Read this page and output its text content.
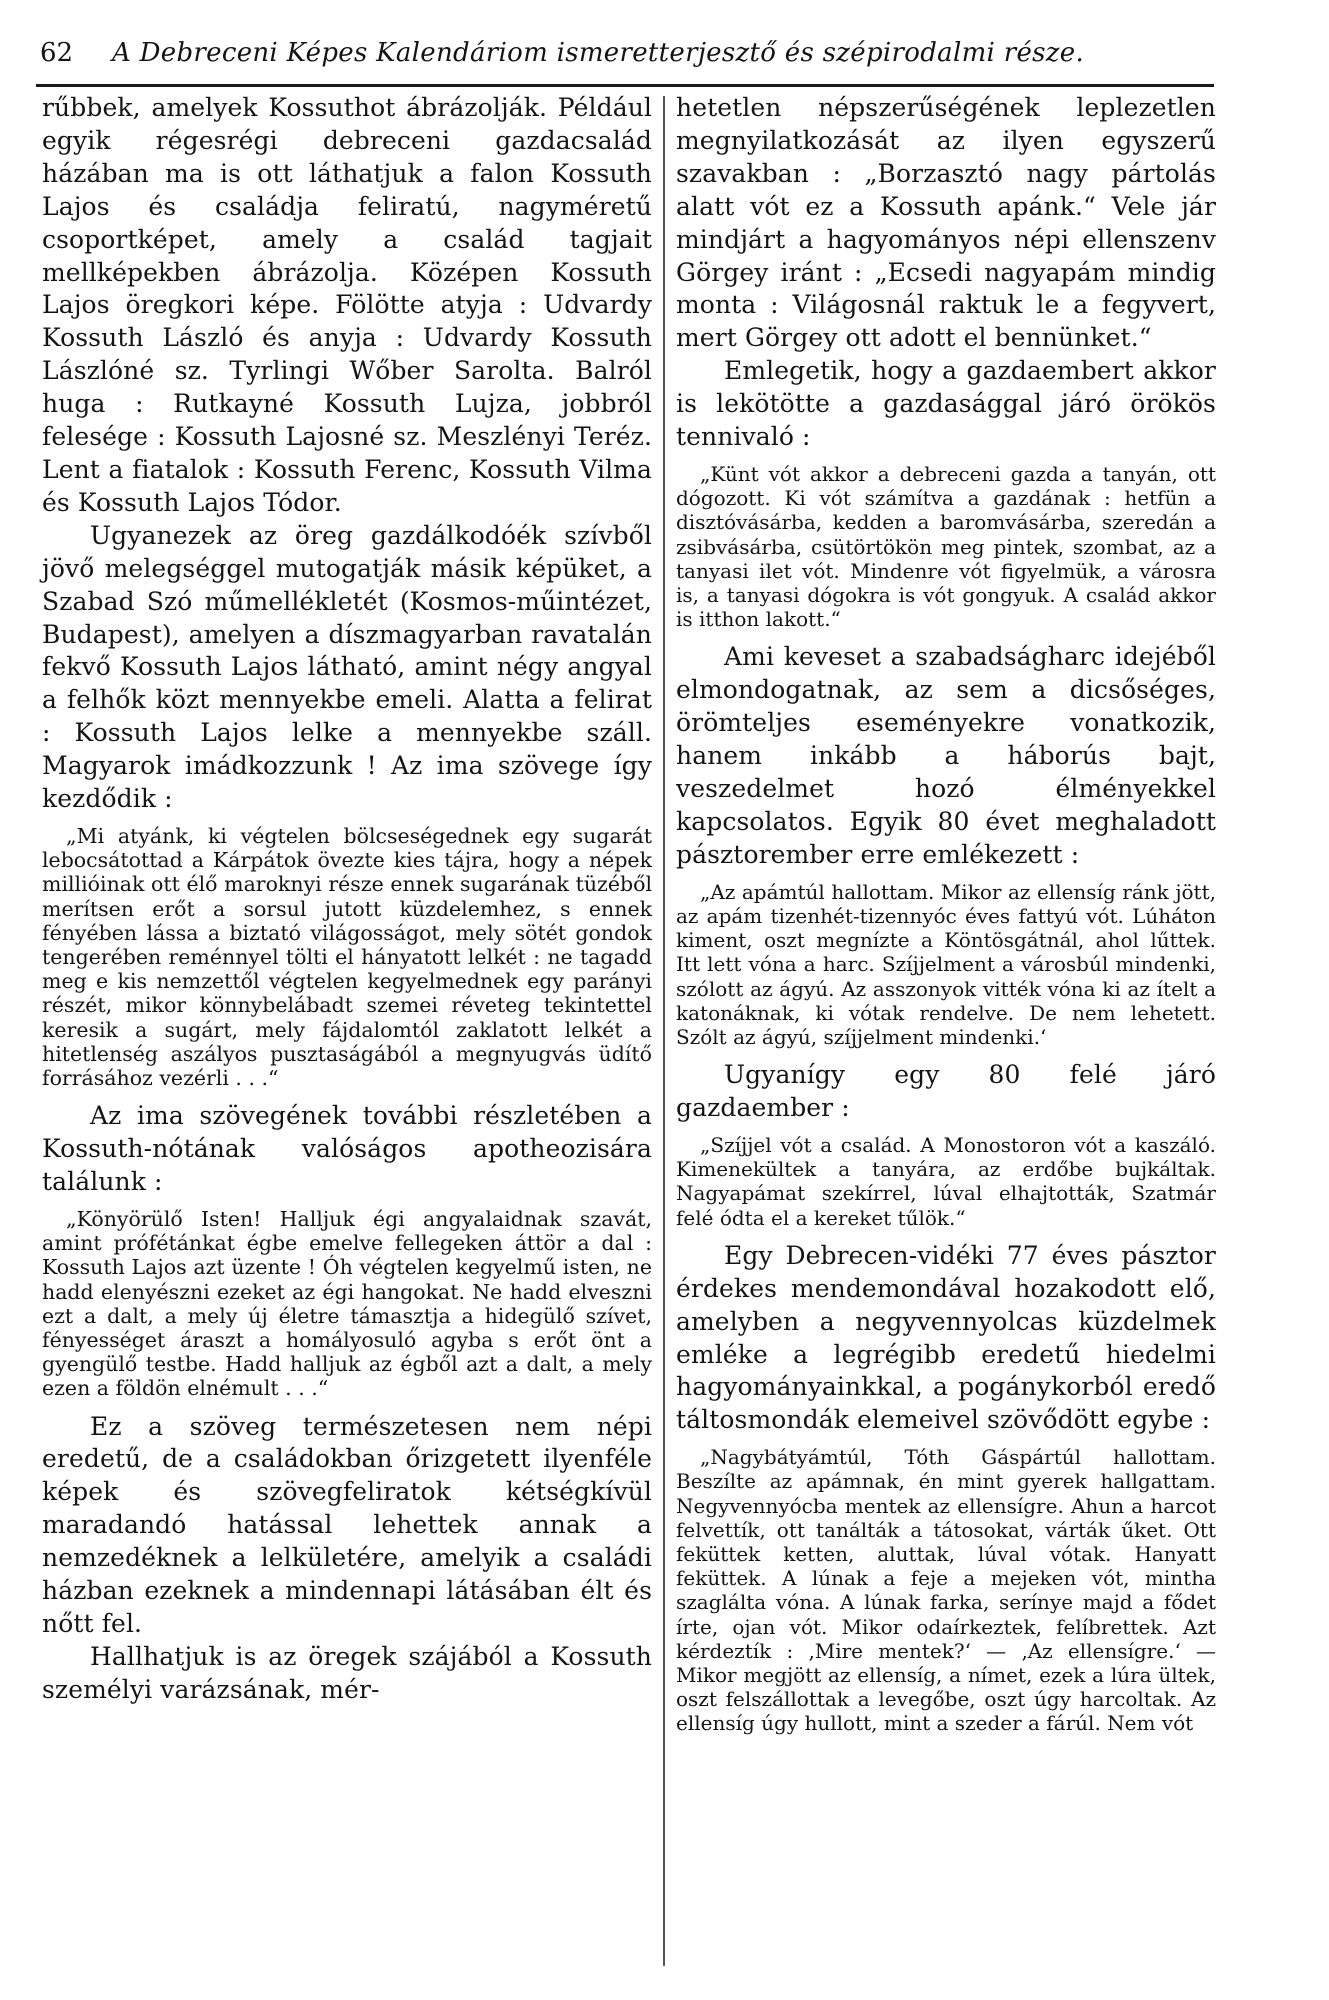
62	A Debreceni Képes Kalendáriom ismeretterjesztő és szépirodalmi része.

rűbbek, amelyek Kossuthot ábrázolják. Például egyik régesrégi debreceni gazdacsalád házában ma is ott láthatjuk a falon Kossuth Lajos és családja feliratú, nagyméretű csoportképet, amely a család tagjait mellképekben ábrázolja. Középen Kossuth Lajos öregkori képe. Fölötte atyja : Udvardy Kossuth László és anyja : Udvardy Kossuth Lászlóné sz. Tyrlingi Wőber Sarolta. Balról huga : Rutkayné Kossuth Lujza, jobbról felesége : Kossuth Lajosné sz. Meszlényi Teréz. Lent a fiatalok : Kossuth Ferenc, Kossuth Vilma és Kossuth Lajos Tódor.

Ugyanezek az öreg gazdálkodóék szívből jövő melegséggel mutogatják másik képüket, a Szabad Szó műmellékletét (Kosmos-műintézet, Budapest), amelyen a díszmagyarban ravatalán fekvő Kossuth Lajos látható, amint négy angyal a felhők közt mennyekbe emeli. Alatta a felirat : Kossuth Lajos lelke a mennyekbe száll. Magyarok imádkozzunk ! Az ima szövege így kezdődik :

„Mi atyánk, ki végtelen bölcseségednek egy sugarát lebocsátottad a Kárpátok övezte kies tájra, hogy a népek millióinak ott élő maroknyi része ennek sugarának tüzéből merítsen erőt a sorsul jutott küzdelemhez, s ennek fényében lássa a biztató világosságot, mely sötét gondok tengerében reménnyel tölti el hányatott lelkét : ne tagadd meg e kis nemzettől végtelen kegyelmednek egy parányi részét, mikor könnybelábadt szemei réveteg tekintettel keresik a sugárt, mely fájdalomtól zaklatott lelkét a hitetlenség aszályos pusztaságából a megnyugvás üdítő forrásához vezérli . . .“

Az ima szövegének további részletében a Kossuth-nótának valóságos apotheozisára találunk :

„Könyörülő Isten! Halljuk égi angyalaidnak szavát, amint prófétánkat égbe emelve fellegeken áttör a dal : Kossuth Lajos azt üzente ! Óh végtelen kegyelmű isten, ne hadd elenyészni ezeket az égi hangokat. Ne hadd elveszni ezt a dalt, a mely új életre támasztja a hidegülő szívet, fényességet áraszt a homályosuló agyba s erőt önt a gyengülő testbe. Hadd halljuk az égből azt a dalt, a mely ezen a földön elnémult . . .“

Ez a szöveg természetesen nem népi eredetű, de a családokban őrizgetett ilyenféle képek és szövegfeliratok kétségkívül maradandó hatással lehettek annak a nemzedéknek a lelkületére, amelyik a családi házban ezeknek a mindennapi látásában élt és nőtt fel.

Hallhatjuk is az öregek szájából a Kossuth személyi varázsának, mér-

hetetlen népszerűségének leplezetlen megnyilatkozását az ilyen egyszerű szavakban : „Borzasztó nagy pártolás alatt vót ez a Kossuth apánk.“ Vele jár mindjárt a hagyományos népi ellenszenv Görgey iránt : „Ecsedi nagyapám mindig monta : Világosnál raktuk le a fegyvert, mert Görgey ott adott el bennünket.“

Emlegetik, hogy a gazdaembert akkor is lekötötte a gazdasággal járó örökös tennivaló :

„Künt vót akkor a debreceni gazda a tanyán, ott dógozott. Ki vót számítva a gazdának : hetfün a disztóvásárba, kedden a baromvásárba, szeredán a zsibvásárba, csütörtökön meg pintek, szombat, az a tanyasi ilet vót. Mindenre vót figyelmük, a városra is, a tanyasi dógokra is vót gongyuk. A család akkor is itthon lakott.“

Ami keveset a szabadságharc idejéből elmondogatnak, az sem a dicsőséges, örömteljes eseményekre vonatkozik, hanem inkább a háborús bajt, veszedelmet hozó élményekkel kapcsolatos. Egyik 80 évet meghaladott pásztorember erre emlékezett :

„Az apámtúl hallottam. Mikor az ellensíg ránk jött, az apám tizenhét-tizennyóc éves fattyú vót. Lúháton kiment, oszt megnízte a Köntösgátnál, ahol lűttek. Itt lett vóna a harc. Szíjjelment a városbúl mindenki, szólott az ágyú. Az asszonyok vitték vóna ki az ítelt a katonáknak, ki vótak rendelve. De nem lehetett. Szólt az ágyú, szíjjelment mindenki.‘

Ugyanígy egy 80 felé járó gazdaember :

„Szíjjel vót a család. A Monostoron vót a kaszáló. Kimenekültek a tanyára, az erdőbe bujkáltak. Nagyapámat szekírrel, lúval elhajtották, Szatmár felé ódta el a kereket tűlök.“

Egy Debrecen-vidéki 77 éves pásztor érdekes mendemondával hozakodott elő, amelyben a negyvennyolcas küzdelmek emléke a legrégibb eredetű hiedelmi hagyományainkkal, a pogánykorból eredő táltosmondák elemeivel szövődött egybe :

„Nagybátyámtúl, Tóth Gáspártúl hallottam. Beszílte az apámnak, én mint gyerek hallgattam. Negyvennyócba mentek az ellensígre. Ahun a harcot felvettík, ott tanálták a tátosokat, várták űket. Ott feküttek ketten, aluttak, lúval vótak. Hanyatt feküttek. A lúnak a feje a mejeken vót, mintha szaglálta vóna. A lúnak farka, serínye majd a fődet írte, ojan vót. Mikor odaírkeztek, felíbrettek. Azt kérdeztík : ‚Mire mentek?‘ — ‚Az ellensígre.‘ — Mikor megjött az ellensíg, a nímet, ezek a lúra ültek, oszt felszállottak a levegőbe, oszt úgy harcoltak. Az ellensíg úgy hullott, mint a szeder a fárúl. Nem vót
